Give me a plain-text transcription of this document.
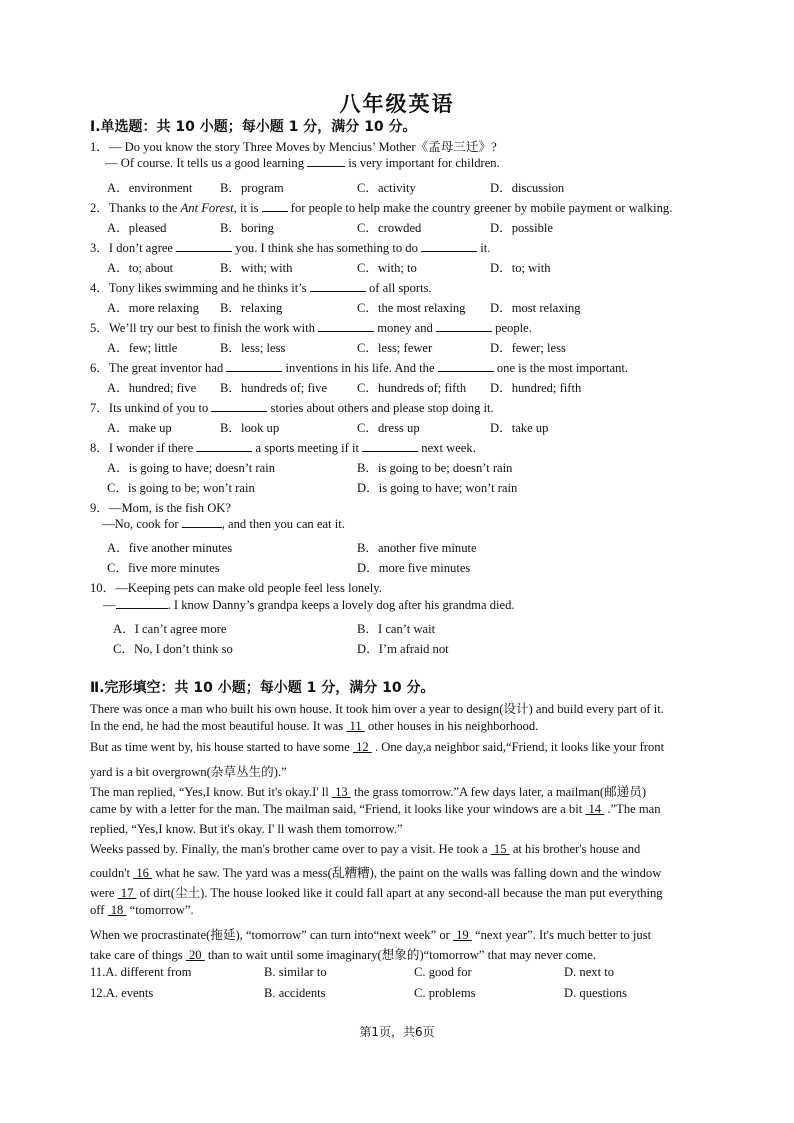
八年级英语
Ⅰ.单选题：共 10 小题；每小题 1 分，满分 10 分。
1．— Do you know the story Three Moves by Mencius’ Mother《孟母三迁》?
— Of course. It tells us a good learning	is very important for children.
A．environment B．program	C．activity	D．discussion
2．Thanks to the Ant Forest, it is  for people to help make the country greener by mobile payment or walking.
A．pleased	B．boring	C．crowded	D．possible
3．I don’t agree	you. I think she has something to do	it.
A．to; about	B．with; with	C．with; to	D．to; with
4．Tony likes swimming and he thinks it’s	of all sports.
A．more relaxing B．relaxing	C．the most relaxing D．most relaxing
5．We’ll try our best to finish the work with	money and	people.
A．few; little	B．less; less	C．less; fewer	D．fewer; less
6．The great inventor had	inventions in his life. And the	one is the most important.
A．hundred; five B．hundreds of; five C．hundreds of; fifth D．hundred; fifth
7．Its unkind of you to	stories about others and please stop doing it.
A．make up	B．look up	C．dress up	D．take up
8．I wonder if there	a sports meeting if it	next week.
A．is going to have; doesn’t rain	B．is going to be; doesn’t rain
C．is going to be; won’t rain	D．is going to have; won’t rain
9．—Mom, is the fish OK?
—No, cook for	, and then you can eat it.
A．five another minutes	B．another five minute
C．five more minutes	D．more five minutes
10．—Keeping pets can make old people feel less lonely.
—	. I know Danny’s grandpa keeps a lovely dog after his grandma died.
A．I can’t agree more	B．I can’t wait
C．No, I don’t think so	D．I’m afraid not
Ⅱ.完形填空：共 10 小题；每小题 1 分，满分 10 分。
There was once a man who built his own house. It took him over a year to design(设计) and build every part of it.
In the end, he had the most beautiful house. It was  11  other houses in his neighborhood.
But as time went by, his house started to have some  12  . One day,a neighbor said,“Friend, it looks like your front
yard is a bit overgrown(杂草丛生的).”
The man replied, “Yes,I know. But it's okay.I' ll  13  the grass tomorrow.”A few days later, a mailman(邮递员)
came by with a letter for the man. The mailman said, “Friend, it looks like your windows are a bit  14  .”The man
replied, “Yes,I know. But it's okay. I' ll wash them tomorrow.”
Weeks passed by. Finally, the man's brother came over to pay a visit. He took a  15  at his brother's house and
couldn't  16  what he saw. The yard was a mess(乱糟糟), the paint on the walls was falling down and the window
were  17  of dirt(尘土). The house looked like it could fall apart at any second-all because the man put everything
off  18  “tomorrow”.
When we procrastinate(拖延), “tomorrow” can turn into“next week” or  19  “next year”. It's much better to just
take care of things  20  than to wait until some imaginary(想象的)“tomorrow” that may never come.
11.A. different from	B. similar to	C. good for	D. next to
12.A. events	B. accidents	C. problems	D. questions
第1页，共6页
